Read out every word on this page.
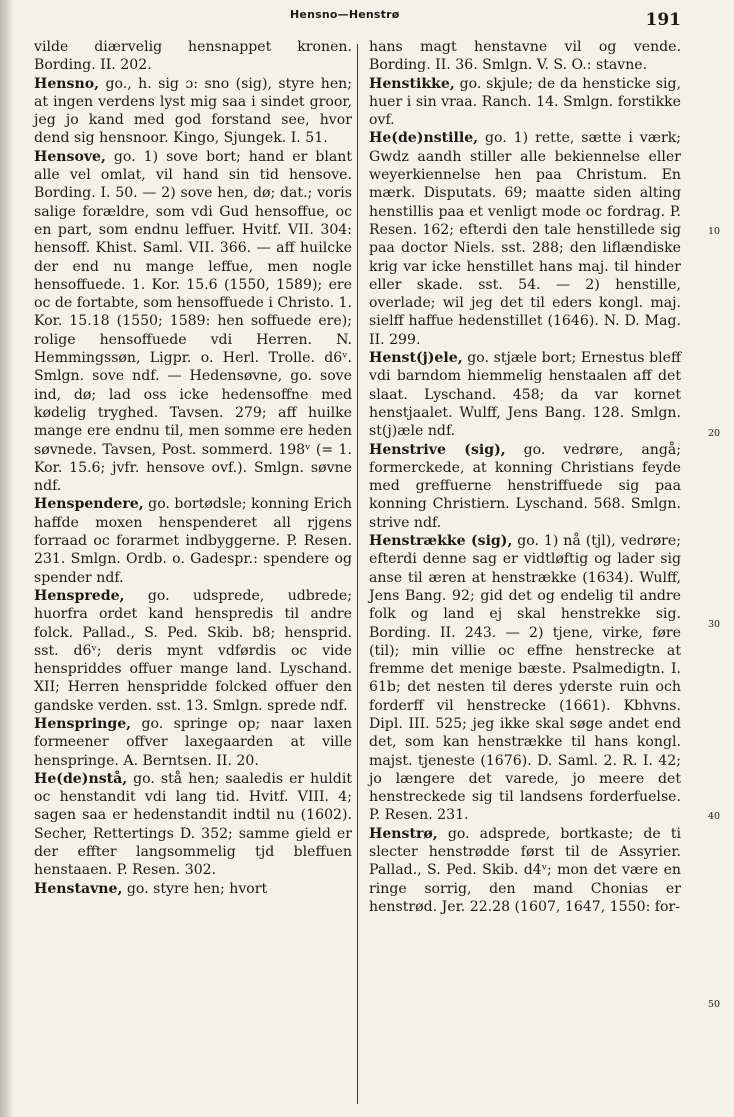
Hensno—Henstrø	191

vilde diærvelig hensnappet kronen. Bording. II. 202.

Hensno, go., h. sig ɔ: sno (sig), styre hen; at ingen verdens lyst mig saa i sindet groor, jeg jo kand med god forstand see, hvor dend sig hensnoor. Kingo, Sjungek. I. 51.

Hensove, go. 1) sove bort; hand er blant alle vel omlat, vil hand sin tid hensove. Bording. I. 50. — 2) sove hen, dø; dat.; voris salige forældre, som vdi Gud hensoffue, oc en part, som endnu leffuer. Hvitf. VII. 304: hensoff. Khist. Saml. VII. 366. — aff huilcke der end nu mange leffue, men nogle hensoffuede. 1. Kor. 15.6 (1550, 1589); ere oc de fortabte, som hensoffuede i Christo. 1. Kor. 15.18 (1550; 1589: hen soffuede ere); rolige hensoffuede vdi Herren. N. Hemmingssøn, Ligpr. o. Herl. Trolle. d6ᵛ. Smlgn. sove ndf. — Hedensøvne, go. sove ind, dø; lad oss icke hedensoffne med kødelig tryghed. Tavsen. 279; aff huilke mange ere endnu til, men somme ere heden søvnede. Tavsen, Post. sommerd. 198ᵛ (= 1. Kor. 15.6; jvfr. hensove ovf.). Smlgn. søvne ndf.

Henspendere, go. bortødsle; konning Erich haffde moxen henspenderet all rjgens forraad oc forarmet indbyggerne. P. Resen. 231. Smlgn. Ordb. o. Gadespr.: spendere og spender ndf.

Hensprede, go. udsprede, udbrede; huorfra ordet kand henspredis til andre folck. Pallad., S. Ped. Skib. b8; hensprid. sst. d6ᵛ; deris mynt vdførdis oc vide henspriddes offuer mange land. Lyschand. XII; Herren henspridde folcked offuer den gandske verden. sst. 13. Smlgn. sprede ndf.

Henspringe, go. springe op; naar laxen formeener offver laxegaarden at ville henspringe. A. Berntsen. II. 20.

He(de)nstå, go. stå hen; saaledis er huldit oc henstandit vdi lang tid. Hvitf. VIII. 4; sagen saa er hedenstandit indtil nu (1602). Secher, Rettertings D. 352; samme gield er der effter langsommelig tjd bleffuen henstaaen. P. Resen. 302.

Henstavne, go. styre hen; hvort

10
20
30
40
50

hans magt henstavne vil og vende. Bording. II. 36. Smlgn. V. S. O.: stavne.

Henstikke, go. skjule; de da hensticke sig, huer i sin vraa. Ranch. 14. Smlgn. forstikke ovf.

He(de)nstille, go. 1) rette, sætte i værk; Gwdz aandh stiller alle bekiennelse eller weyerkiennelse hen paa Christum. En mærk. Disputats. 69; maatte siden alting henstillis paa et venligt mode oc fordrag. P. Resen. 162; efterdi den tale henstillede sig paa doctor Niels. sst. 288; den liflændiske krig var icke henstillet hans maj. til hinder eller skade. sst. 54. — 2) henstille, overlade; wil jeg det til eders kongl. maj. sielff haffue hedenstillet (1646). N. D. Mag. II. 299.

Henst(j)ele, go. stjæle bort; Ernestus bleff vdi barndom hiemmelig henstaalen aff det slaat. Lyschand. 458; da var kornet henstjaalet. Wulff, Jens Bang. 128. Smlgn. st(j)æle ndf.

Henstrive (sig), go. vedrøre, angå; formerckede, at konning Christians feyde med greffuerne henstriffuede sig paa konning Christiern. Lyschand. 568. Smlgn. strive ndf.

Henstrække (sig), go. 1) nå (tjl), vedrøre; efterdi denne sag er vidtløftig og lader sig anse til æren at henstrække (1634). Wulff, Jens Bang. 92; gid det og endelig til andre folk og land ej skal henstrekke sig. Bording. II. 243. — 2) tjene, virke, føre (til); min villie oc effne henstrecke at fremme det menige bæste. Psalmedigtn. I. 61b; det nesten til deres yderste ruin och forderff vil henstrecke (1661). Kbhvns. Dipl. III. 525; jeg ikke skal søge andet end det, som kan henstrække til hans kongl. majst. tjeneste (1676). D. Saml. 2. R. I. 42; jo længere det varede, jo meere det henstreckede sig til landsens forderfuelse. P. Resen. 231.

Henstrø, go. adsprede, bortkaste; de ti slecter henstrødde først til de Assyrier. Pallad., S. Ped. Skib. d4ᵛ; mon det være en ringe sorrig, den mand Chonias er henstrød. Jer. 22.28 (1607, 1647, 1550: for-
